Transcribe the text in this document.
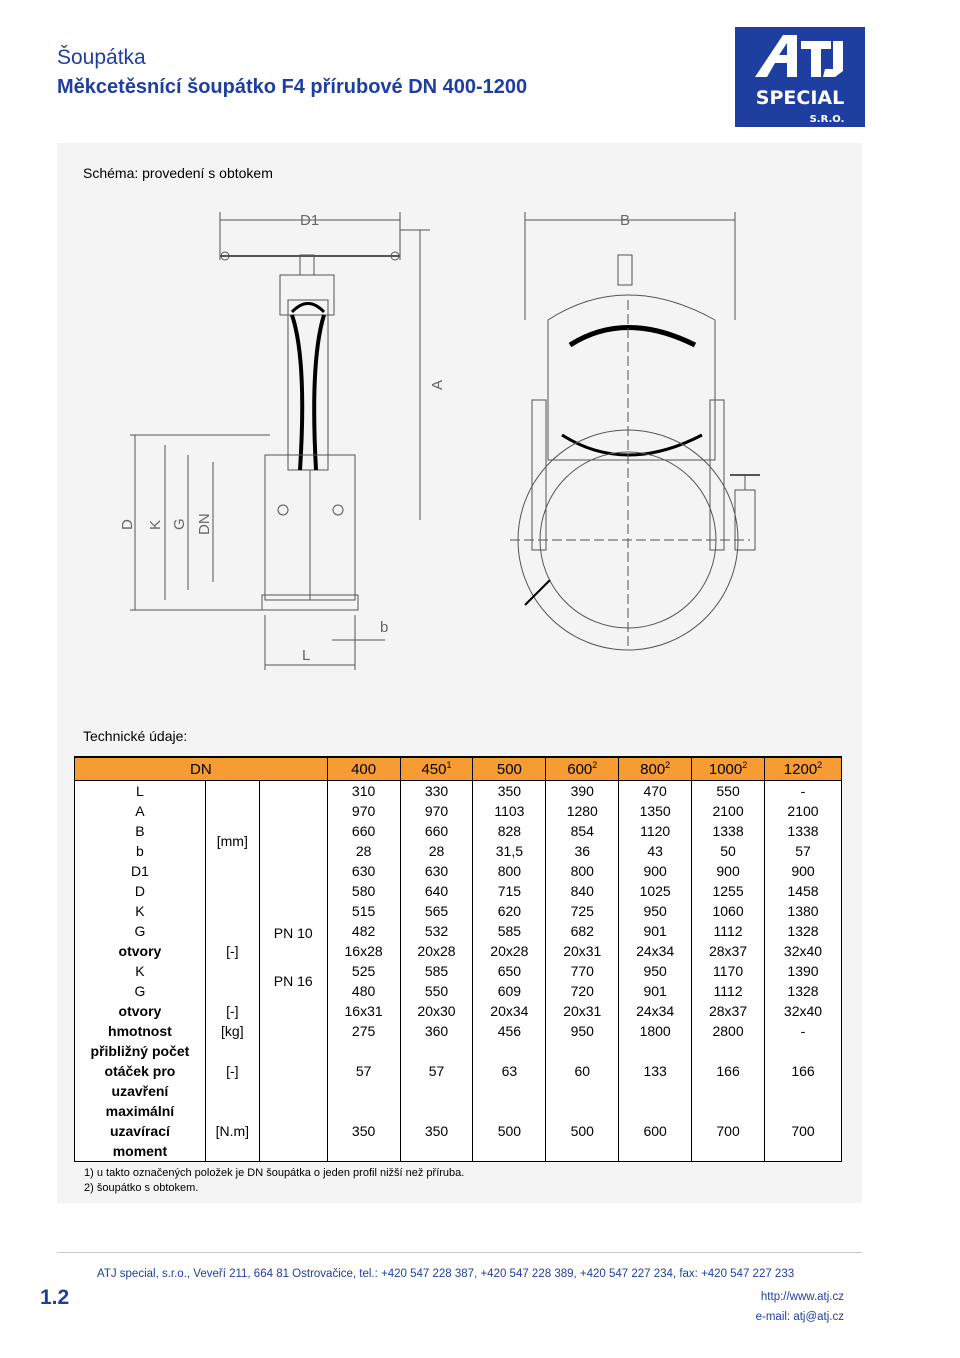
Šoupátka
Měkcetěsnící šoupátko F4 přírubové DN 400-1200	SPECIAL
S.R.O.
Schéma: provedení s obtokem
D1	B
A
D K G DN
b
L
Technické údaje:
DN			400	$450^1$	500	$600^2$	$800^2$	1000$^2$	1200$^2$
L	[mm]		310	330	350	390	470	550	-
A			970	970	1103	1280	1350	2100	2100
B			660	660	828	854	1120	1338	1338
b			28	28	31,5	36	43	50	57
D1			630	630	800	800	900	900	900
D			580	640	715	840	1025	1255	1458
K		PN 10	515	565	620	725	950	1060	1380
G			482	532	585	682	901	1112	1328
otvory	[-]		16x28	20x28	20x28	20x31	24x34	28x37	32x40
K		PN 16	525	585	650	770	950	1170	1390
G			480	550	609	720	901	1112	1328
otvory	[-]		16x31	20x30	20x34	20x31	24x34	28x37	32x40
hmotnost	[kg]		275	360	456	950	1800	2800	-

přibližný počet
otáček pro
uzavření	[-]		57	57	63	60	133	166	166

maximální
uzavírací
moment	[N.m]		350	350	500	500	600	700	700
1) u takto označených položek je DN šoupátka o jeden profil nižší než příruba.
2) šoupátko s obtokem.
1.2
ATJ special, s.r.o., Veveří 211, 664 81 Ostrovačice, tel.: +420 547 228 387, +420 547 228 389, +420 547 227 234, fax: +420 547 227 233
http://www.atj.cz
e-mail: atj@atj.cz
